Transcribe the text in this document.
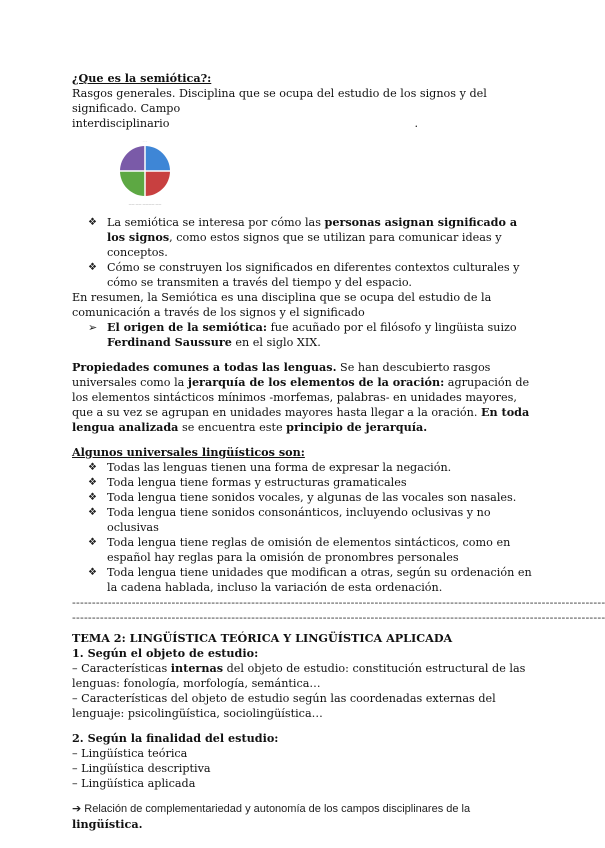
¿Que es la semiótica?:

Rasgos generales. Disciplina que se ocupa del estudio de los signos y del significado. Campo

interdisciplinario	.

· · ·
—— —— ———— ——
❖ La semiótica se interesa por cómo las personas asignan significado a los signos, como estos signos que se utilizan para comunicar ideas y conceptos.
❖ Cómo se construyen los significados en diferentes contextos culturales y cómo se transmiten a través del tiempo y del espacio.

En resumen, la Semiótica es una disciplina que se ocupa del estudio de la comunicación a través de los signos y el significado

➢ El origen de la semiótica: fue acuñado por el filósofo y lingüista suizo Ferdinand Saussure en el siglo XIX.

Propiedades comunes a todas las lenguas. Se han descubierto rasgos universales como la jerarquía de los elementos de la oración: agrupación de los elementos sintácticos mínimos -morfemas, palabras- en unidades mayores, que a su vez se agrupan en unidades mayores hasta llegar a la oración. En toda lengua analizada se encuentra este principio de jerarquía.

Algunos universales lingüísticos son:

❖ Todas las lenguas tienen una forma de expresar la negación.
❖ Toda lengua tiene formas y estructuras gramaticales
❖ Toda lengua tiene sonidos vocales, y algunas de las vocales son nasales.
❖ Toda lengua tiene sonidos consonánticos, incluyendo oclusivas y no oclusivas
❖ Toda lengua tiene reglas de omisión de elementos sintácticos, como en español hay reglas para la omisión de pronombres personales
❖ Toda lengua tiene unidades que modifican a otras, según su ordenación en la cadena hablada, incluso la variación de esta ordenación.
--------------------------------------------------------------------------------------------------------------------------------------
--------------------------------------------------------------------------------------------------------------------------------------

TEMA 2: LINGÜÍSTICA TEÓRICA Y LINGÜÍSTICA APLICADA

1. Según el objeto de estudio:

– Características internas del objeto de estudio: constitución estructural de las lenguas: fonología, morfología, semántica…

– Características del objeto de estudio según las coordenadas externas del lenguaje: psicolingüística, sociolingüística…

2. Según la finalidad del estudio:

– Lingüística teórica

– Lingüística descriptiva

– Lingüística aplicada

➔ Relación de complementariedad y autonomía de los campos disciplinares de la

lingüística.
